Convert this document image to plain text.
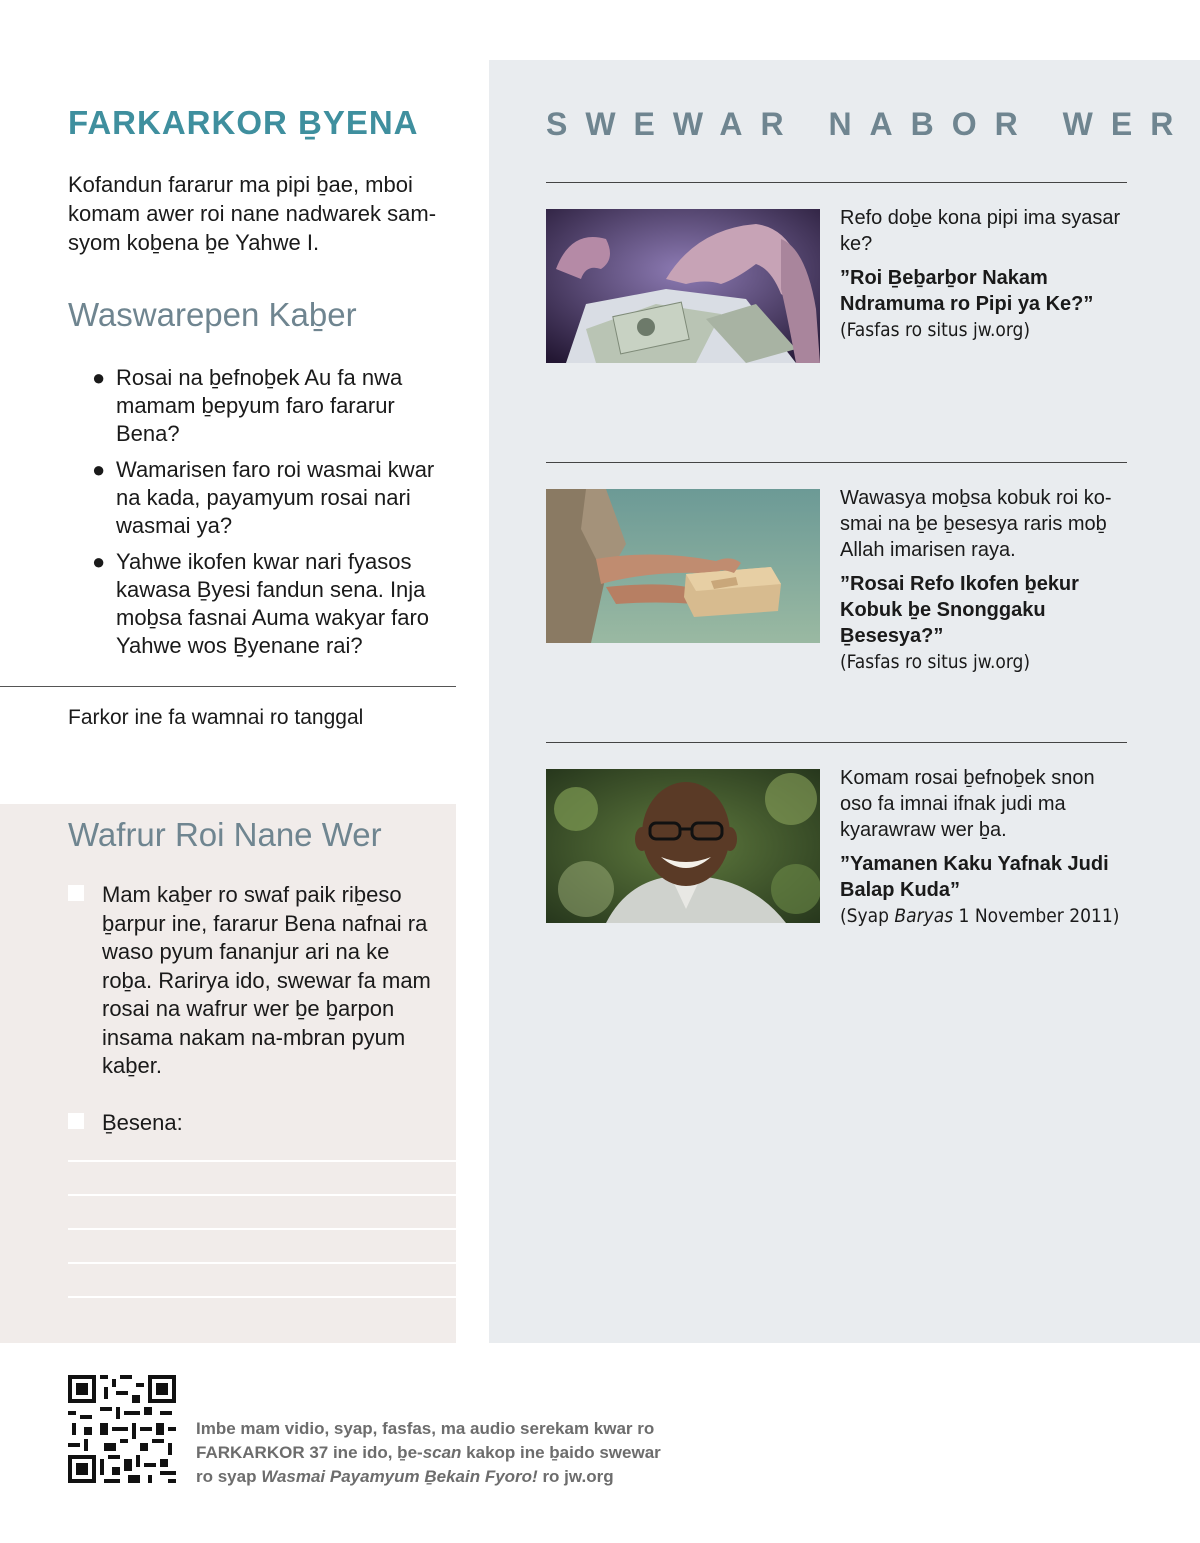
FARKARKOR ḆYENA

Kofandun fararur ma pipi ḇae, mboi komam awer roi nane nadwarek sam-syom koḇena ḇe Yahwe I.

Waswarepen Kaḇer
● Rosai na ḇefnoḇek Au fa nwa mamam ḇepyum faro fararur Bena?
● Wamarisen faro roi wasmai kwar na kada, payamyum rosai nari wasmai ya?
● Yahwe ikofen kwar nari fyasos kawasa Ḇyesi fandun sena. Inja moḇsa fasnai Auma wakyar faro Yahwe wos Ḇyenane rai?

Farkor ine fa wamnai ro tanggal

Wafrur Roi Nane Wer

Mam kaḇer ro swaf paik riḇeso ḇarpur ine, fararur Bena nafnai ra waso pyum fananjur ari na ke roḇa. Rarirya ido, swewar fa mam rosai na wafrur wer ḇe ḇarpon insama nakam na-mbran pyum kaḇer.

Ḇesena:

SWEWAR NABOR WER

Refo doḇe kona pipi ima syasar ke?

”Roi Ḇeḇarḇor Nakam Ndramuma ro Pipi ya Ke?”

(Fasfas ro situs jw.org)

Wawasya moḇsa kobuk roi ko-smai na ḇe ḇesesya raris moḇ Allah imarisen raya.

”Rosai Refo Ikofen ḇekur Kobuk ḇe Snonggaku Ḇesesya?”

(Fasfas ro situs jw.org)

Komam rosai ḇefnoḇek snon oso fa imnai ifnak judi ma kyarawraw wer ḇa.

”Yamanen Kaku Yafnak Judi Balap Kuda”

(Syap Baryas 1 November 2011)

Imbe mam vidio, syap, fasfas, ma audio serekam kwar ro
FARKARKOR 37 ine ido, ḇe-scan kakop ine ḇaido swewar
ro syap Wasmai Payamyum Ḇekain Fyoro! ro jw.org
